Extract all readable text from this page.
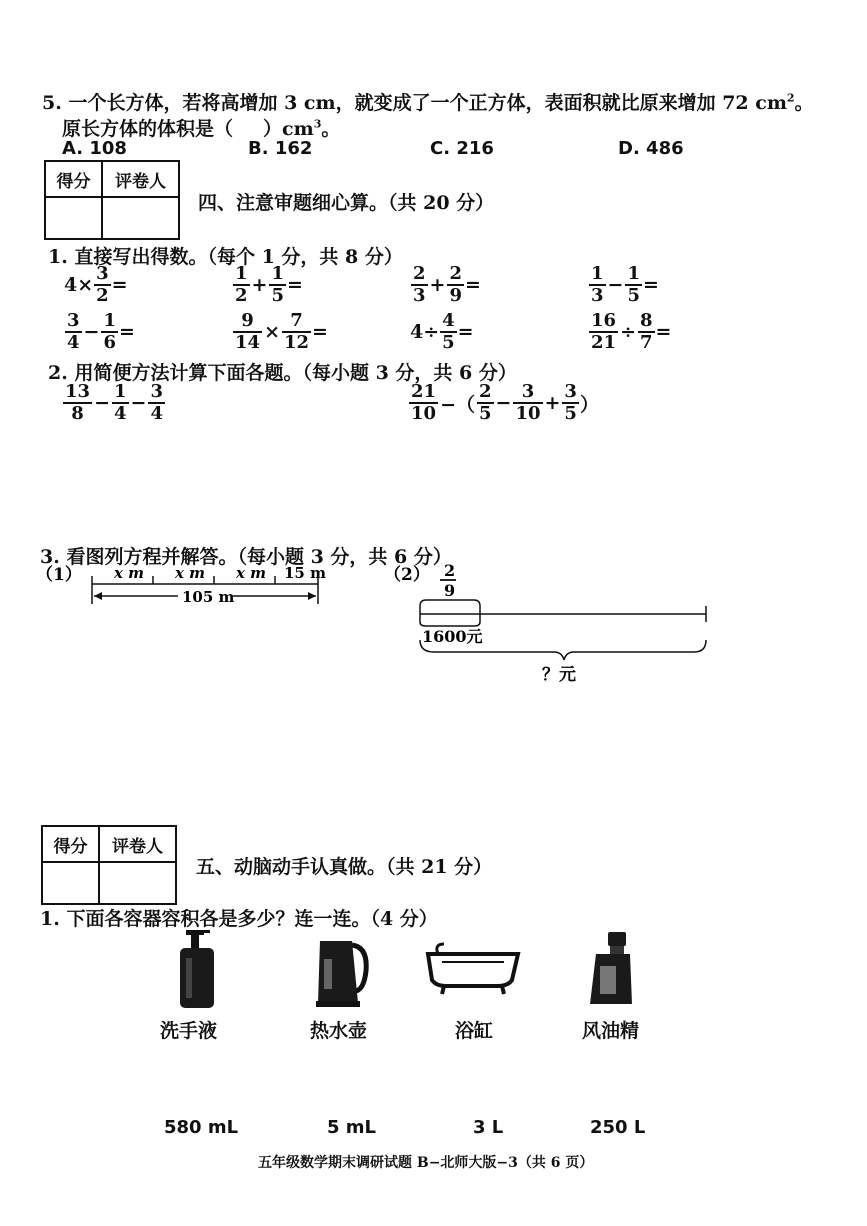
5. 一个长方体，若将高增加 3 cm，就变成了一个正方体，表面积就比原来增加 72 $cm^2$。
原长方体的体积是（ ）$cm^3$。
A. 108	B. 162	C. 216	D. 486
得分	评卷人

四、注意审题细心算。（共 20 分）
1. 直接写出得数。（每个 1 分，共 8 分）
$4\times \frac{3}{2}$ =	$\frac{1}{2} + \frac{1}{5}$ =	$\frac{2}{3} + \frac{2}{9}$ =	$\frac{1}{3} - \frac{1}{5}$ =
$\frac{3}{4} - \frac{1}{6}$ =	$\frac{9}{14} \times \frac{7}{12}$ =	$4\div \frac{4}{5}$ =	$\frac{16}{21} \div \frac{8}{7}$ =
2. 用简便方法计算下面各题。（每小题 3 分，共 6 分）
$\frac{13}{8} - \frac{1}{4} - \frac{3}{4}$	$\frac{21}{10}$ −（ $\frac{2}{5} - \frac{3}{10} + \frac{3}{5}$ ）
3. 看图列方程并解答。（每小题 3 分，共 6 分）
（1） x m x m x m 15 m
105 m
（2） 2
9
1600元
？元
得分	评卷人

五、动脑动手认真做。（共 21 分）
1. 下面各容器容积各是多少？连一连。（4 分）
洗手液	热水壶	浴缸	风油精
580 mL	5 mL	3 L	250 L
五年级数学期末调研试题 B−北师大版−3（共 6 页）
